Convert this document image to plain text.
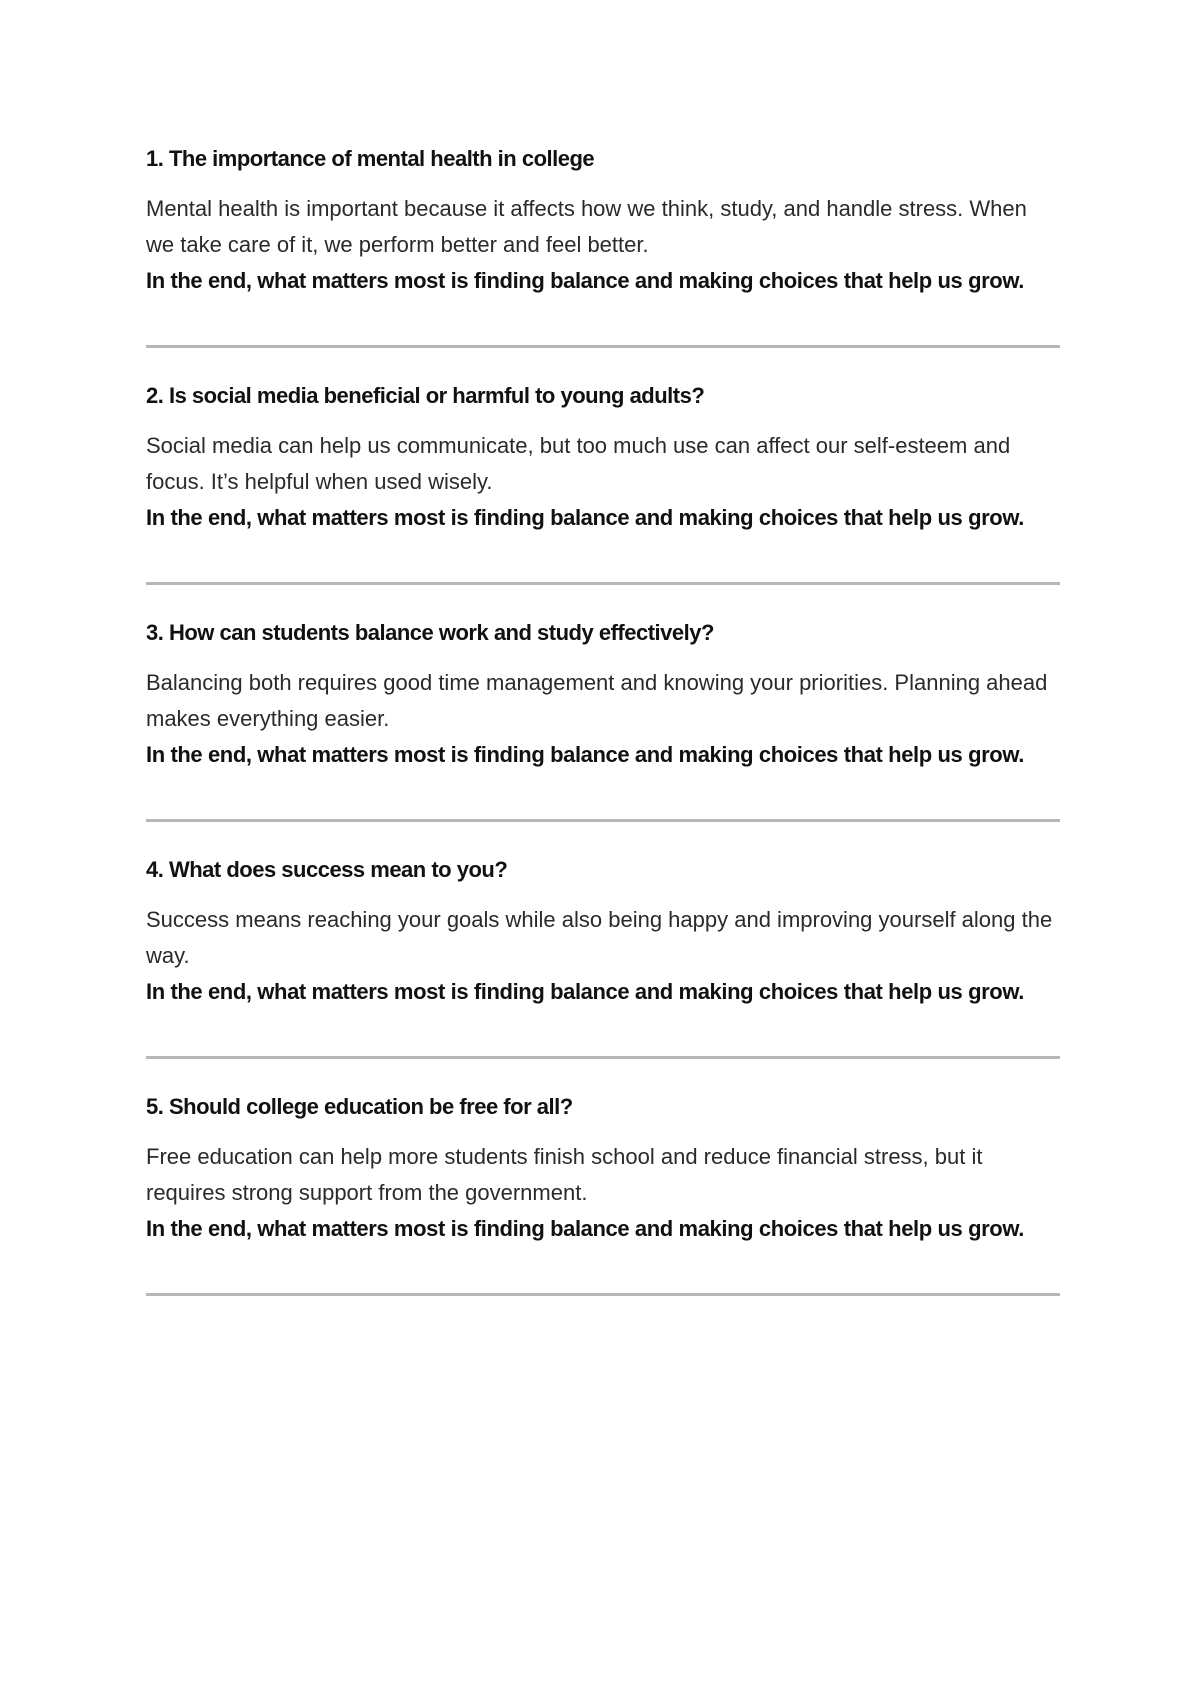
1. The importance of mental health in college

Mental health is important because it affects how we think, study, and handle stress. When we take care of it, we perform better and feel better.

In the end, what matters most is finding balance and making choices that help us grow.

2. Is social media beneficial or harmful to young adults?

Social media can help us communicate, but too much use can affect our self-esteem and focus. It’s helpful when used wisely.

In the end, what matters most is finding balance and making choices that help us grow.

3. How can students balance work and study effectively?

Balancing both requires good time management and knowing your priorities. Planning ahead makes everything easier.

In the end, what matters most is finding balance and making choices that help us grow.

4. What does success mean to you?

Success means reaching your goals while also being happy and improving yourself along the way.

In the end, what matters most is finding balance and making choices that help us grow.

5. Should college education be free for all?

Free education can help more students finish school and reduce financial stress, but it requires strong support from the government.

In the end, what matters most is finding balance and making choices that help us grow.
